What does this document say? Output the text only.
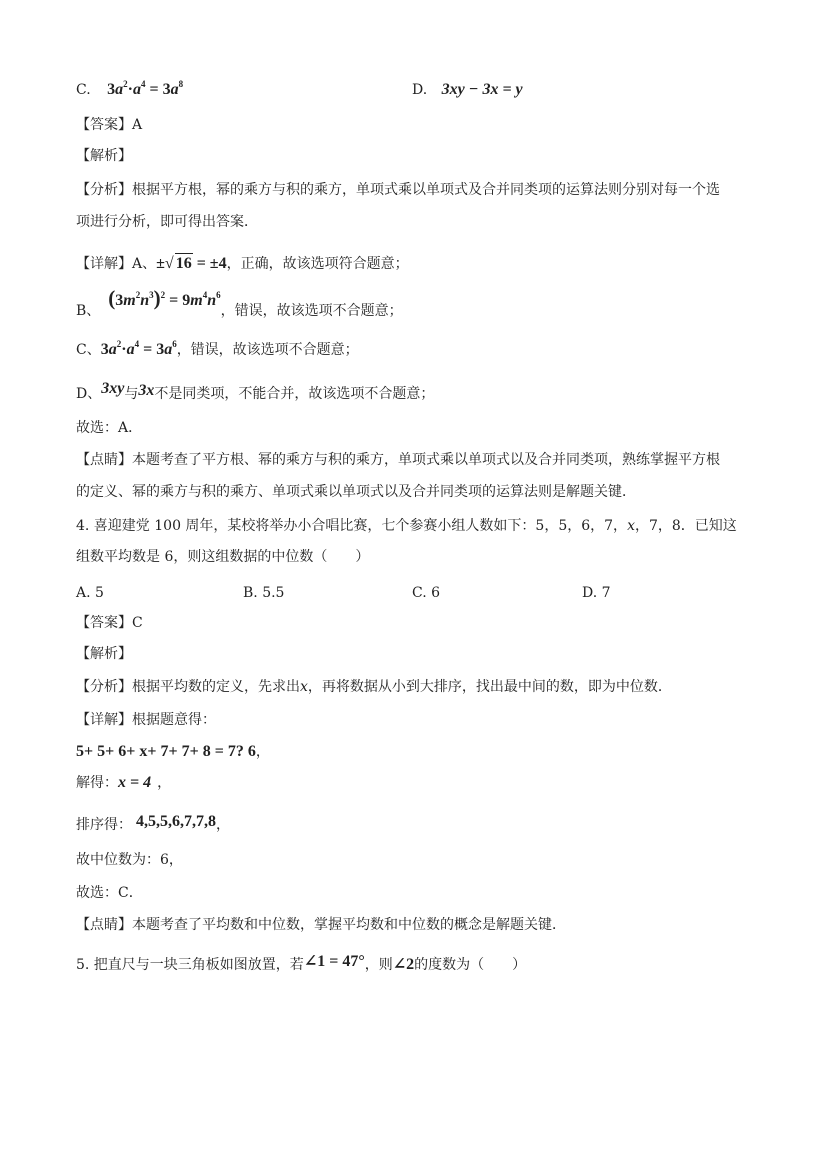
C. $3a^2\cdot a^4 = 3a^8$	D. 3xy − 3x = y
【答案】A
【解析】
【分析】根据平方根，幂的乘方与积的乘方，单项式乘以单项式及合并同类项的运算法则分别对每一个选
项进行分析，即可得出答案．
【详解】A、±√ 16 = ±4，正确，故该选项符合题意；
B、$(3m^2n^3)^2 = 9m^4n^6$，错误，故该选项不合题意；
C、$3a^2\cdot a^4 = 3a^6$，错误，故该选项不合题意；
D、3xy与3x不是同类项，不能合并，故该选项不合题意；
故选：A．
【点睛】本题考查了平方根、幂的乘方与积的乘方，单项式乘以单项式以及合并同类项，熟练掌握平方根
的定义、幂的乘方与积的乘方、单项式乘以单项式以及合并同类项的运算法则是解题关键．
4. 喜迎建党 100 周年，某校将举办小合唱比赛，七个参赛小组人数如下：5，5，6，7，x，7，8．已知这
组数平均数是 6，则这组数据的中位数（　　）
A. 5	B. 5.5	C. 6	D. 7
【答案】C
【解析】
【分析】根据平均数的定义，先求出x，再将数据从小到大排序，找出最中间的数，即为中位数．
【详解】根据题意得：
5+ 5+ 6+ x+ 7+ 7+ 8 = 7? 6，
解得：x = 4 ，
排序得： 4,5,5,6,7,7,8，
故中位数为：6，
故选：C．
【点睛】本题考查了平均数和中位数，掌握平均数和中位数的概念是解题关键．
5. 把直尺与一块三角板如图放置，若∠1 = 47°，则∠2的度数为（　　）
